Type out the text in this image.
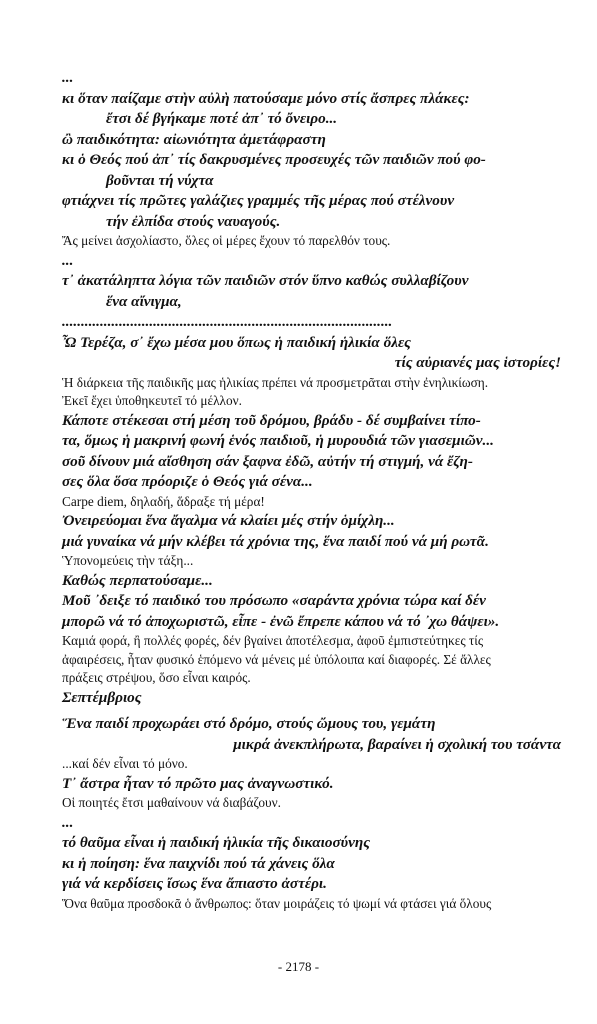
...

κι ὅταν παίζαμε στὴν αὐλὴ πατούσαμε μόνο στίς ἄσπρες πλάκες:

ἔτσι δέ βγήκαμε ποτέ ἀπ᾽ τό ὄνειρο...

ὢ παιδικότητα: αἰωνιότητα ἀμετάφραστη

κι ὁ Θεός πού ἀπ᾽ τίς δακρυσμένες προσευχές τῶν παιδιῶν πού φο-

βοῦνται τή νύχτα

φτιάχνει τίς πρῶτες γαλάζιες γραμμές τῆς μέρας πού στέλνουν

τήν ἐλπίδα στούς ναυαγούς.

Ἄς μείνει ἀσχολίαστο, ὅλες οἱ μέρες ἔχουν τό παρελθόν τους.

...

τ᾽ ἀκατάληπτα λόγια τῶν παιδιῶν στόν ὕπνο καθώς συλλαβίζουν

ἕνα αἴνιγμα,

.......................................................................................

Ὦ Τερέζα, σ᾽ ἔχω μέσα μου ὅπως ἡ παιδική ἡλικία ὅλες

τίς αὐριανές μας ἱστορίες!

Ἡ διάρκεια τῆς παιδικῆς μας ἡλικίας πρέπει νά προσμετρᾶται στὴν ἐνηλικίωση.

Ἐκεῖ ἔχει ὑποθηκευτεῖ τό μέλλον.

Κάποτε στέκεσαι στή μέση τοῦ δρόμου, βράδυ - δέ συμβαίνει τίπο-

τα, ὅμως ἡ μακρινή φωνή ἑνός παιδιοῦ, ἡ μυρουδιά τῶν γιασεμιῶν...

σοῦ δίνουν μιά αἴσθηση σάν ξαφνα ἐδῶ, αὐτήν τή στιγμή, νά ἔζη-

σες ὅλα ὅσα πρόοριζε ὁ Θεός γιά σένα...

Carpe diem, δηλαδή, ἅδραξε τή μέρα!

Ὀνειρεύομαι ἕνα ἄγαλμα νά κλαίει μές στήν ὁμίχλη...

μιά γυναίκα νά μήν κλέβει τά χρόνια της, ἕνα παιδί πού νά μή ρωτᾶ.

Ὑπονομεύεις τὴν τάξη...

Καθώς περπατούσαμε...

Μοῦ ᾽δειξε τό παιδικό του πρόσωπο «σαράντα χρόνια τώρα καί δέν

μπορῶ νά τό ἀποχωριστῶ, εἶπε - ἐνῶ ἔπρεπε κάπου νά τό ᾽χω θάψει».

Καμιά φορά, ἢ πολλές φορές, δέν βγαίνει ἀποτέλεσμα, ἀφοῦ ἐμπιστεύτηκες τίς

ἀφαιρέσεις, ἦταν φυσικό ἑπόμενο νά μένεις μέ ὑπόλοιπα καί διαφορές. Σέ ἄλλες

πράξεις στρέψου, ὅσο εἶναι καιρός.

Σεπτέμβριος

Ἕνα παιδί προχωράει στό δρόμο, στούς ὤμους του, γεμάτη

μικρά ἀνεκπλήρωτα, βαραίνει ἡ σχολική του τσάντα

...καί δέν εἶναι τό μόνο.

Τ᾽ ἄστρα ἦταν τό πρῶτο μας ἀναγνωστικό.

Οἱ ποιητές ἔτσι μαθαίνουν νά διαβάζουν.

...

τό θαῦμα εἶναι ἡ παιδική ἡλικία τῆς δικαιοσύνης

κι ἡ ποίηση: ἕνα παιχνίδι πού τά χάνεις ὅλα

γιά νά κερδίσεις ἴσως ἕνα ἄπιαστο ἀστέρι.

Ὅνα θαῦμα προσδοκᾶ ὁ ἄνθρωπος: ὅταν μοιράζεις τό ψωμί νά φτάσει γιά ὅλους

- 2178 -
